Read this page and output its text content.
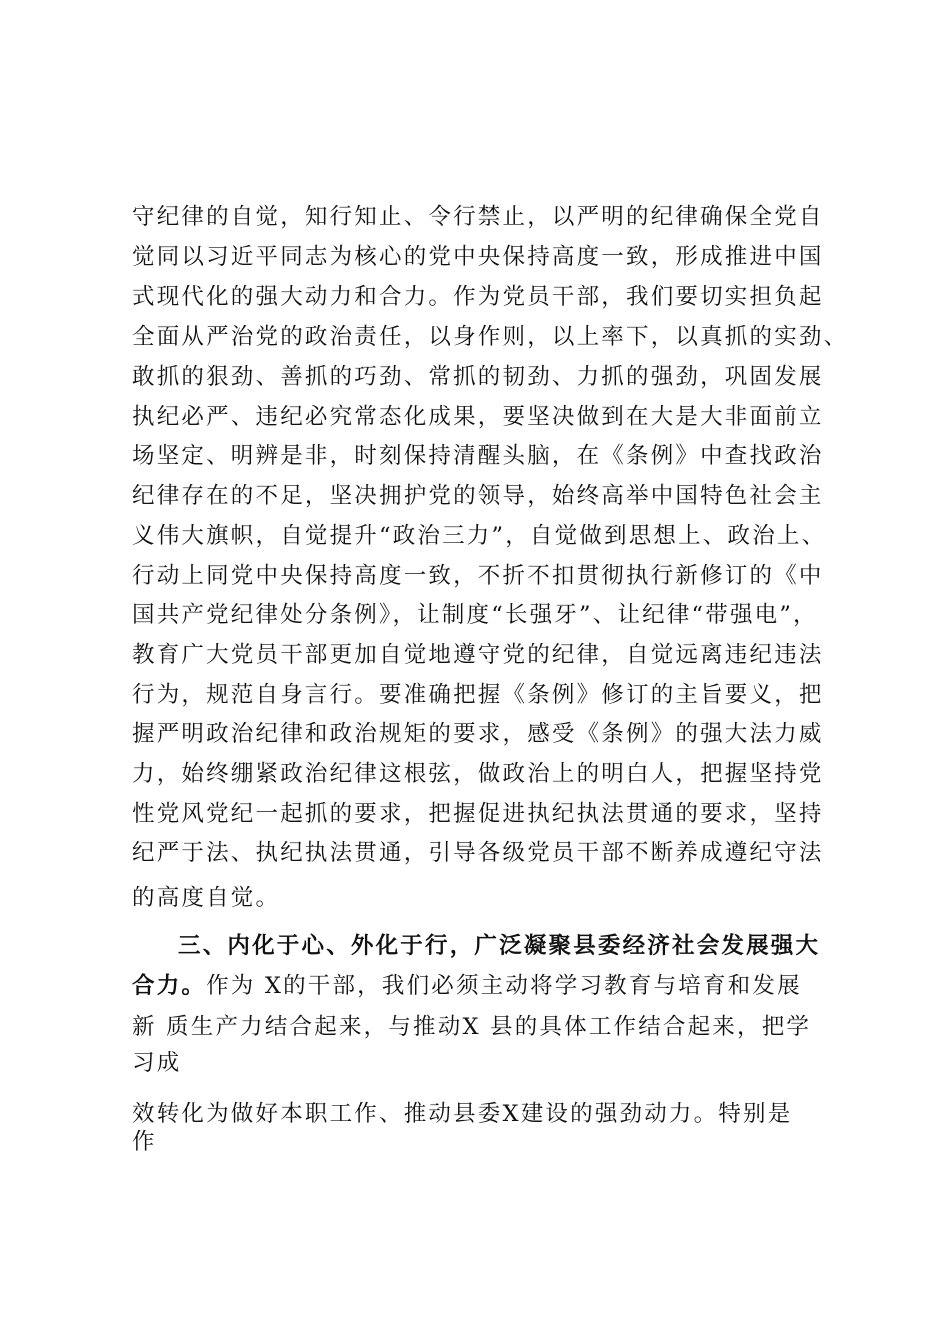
守纪律的自觉，知行知止、令行禁止，以严明的纪律确保全党自
觉同以习近平同志为核心的党中央保持高度一致，形成推进中国
式现代化的强大动力和合力。作为党员干部，我们要切实担负起
全面从严治党的政治责任，以身作则，以上率下，以真抓的实劲、
敢抓的狠劲、善抓的巧劲、常抓的韧劲、力抓的强劲，巩固发展
执纪必严、违纪必究常态化成果，要坚决做到在大是大非面前立
场坚定、明辨是非，时刻保持清醒头脑，在《条例》中查找政治
纪律存在的不足，坚决拥护党的领导，始终高举中国特色社会主
义伟大旗帜，自觉提升“政治三力”，自觉做到思想上、政治上、
行动上同党中央保持高度一致，不折不扣贯彻执行新修订的《中
国共产党纪律处分条例》，让制度“长强牙”、让纪律“带强电”，
教育广大党员干部更加自觉地遵守党的纪律，自觉远离违纪违法
行为，规范自身言行。要准确把握《条例》修订的主旨要义，把
握严明政治纪律和政治规矩的要求，感受《条例》的强大法力威
力，始终绷紧政治纪律这根弦，做政治上的明白人，把握坚持党
性党风党纪一起抓的要求，把握促进执纪执法贯通的要求，坚持
纪严于法、执纪执法贯通，引导各级党员干部不断养成遵纪守法
的高度自觉。
三、内化于心、外化于行，广泛凝聚县委经济社会发展强大
合力。作为 X的干部，我们必须主动将学习教育与培育和发展
新 质生产力结合起来，与推动X 县的具体工作结合起来，把学
习成
效转化为做好本职工作、推动县委X建设的强劲动力。特别是
作
